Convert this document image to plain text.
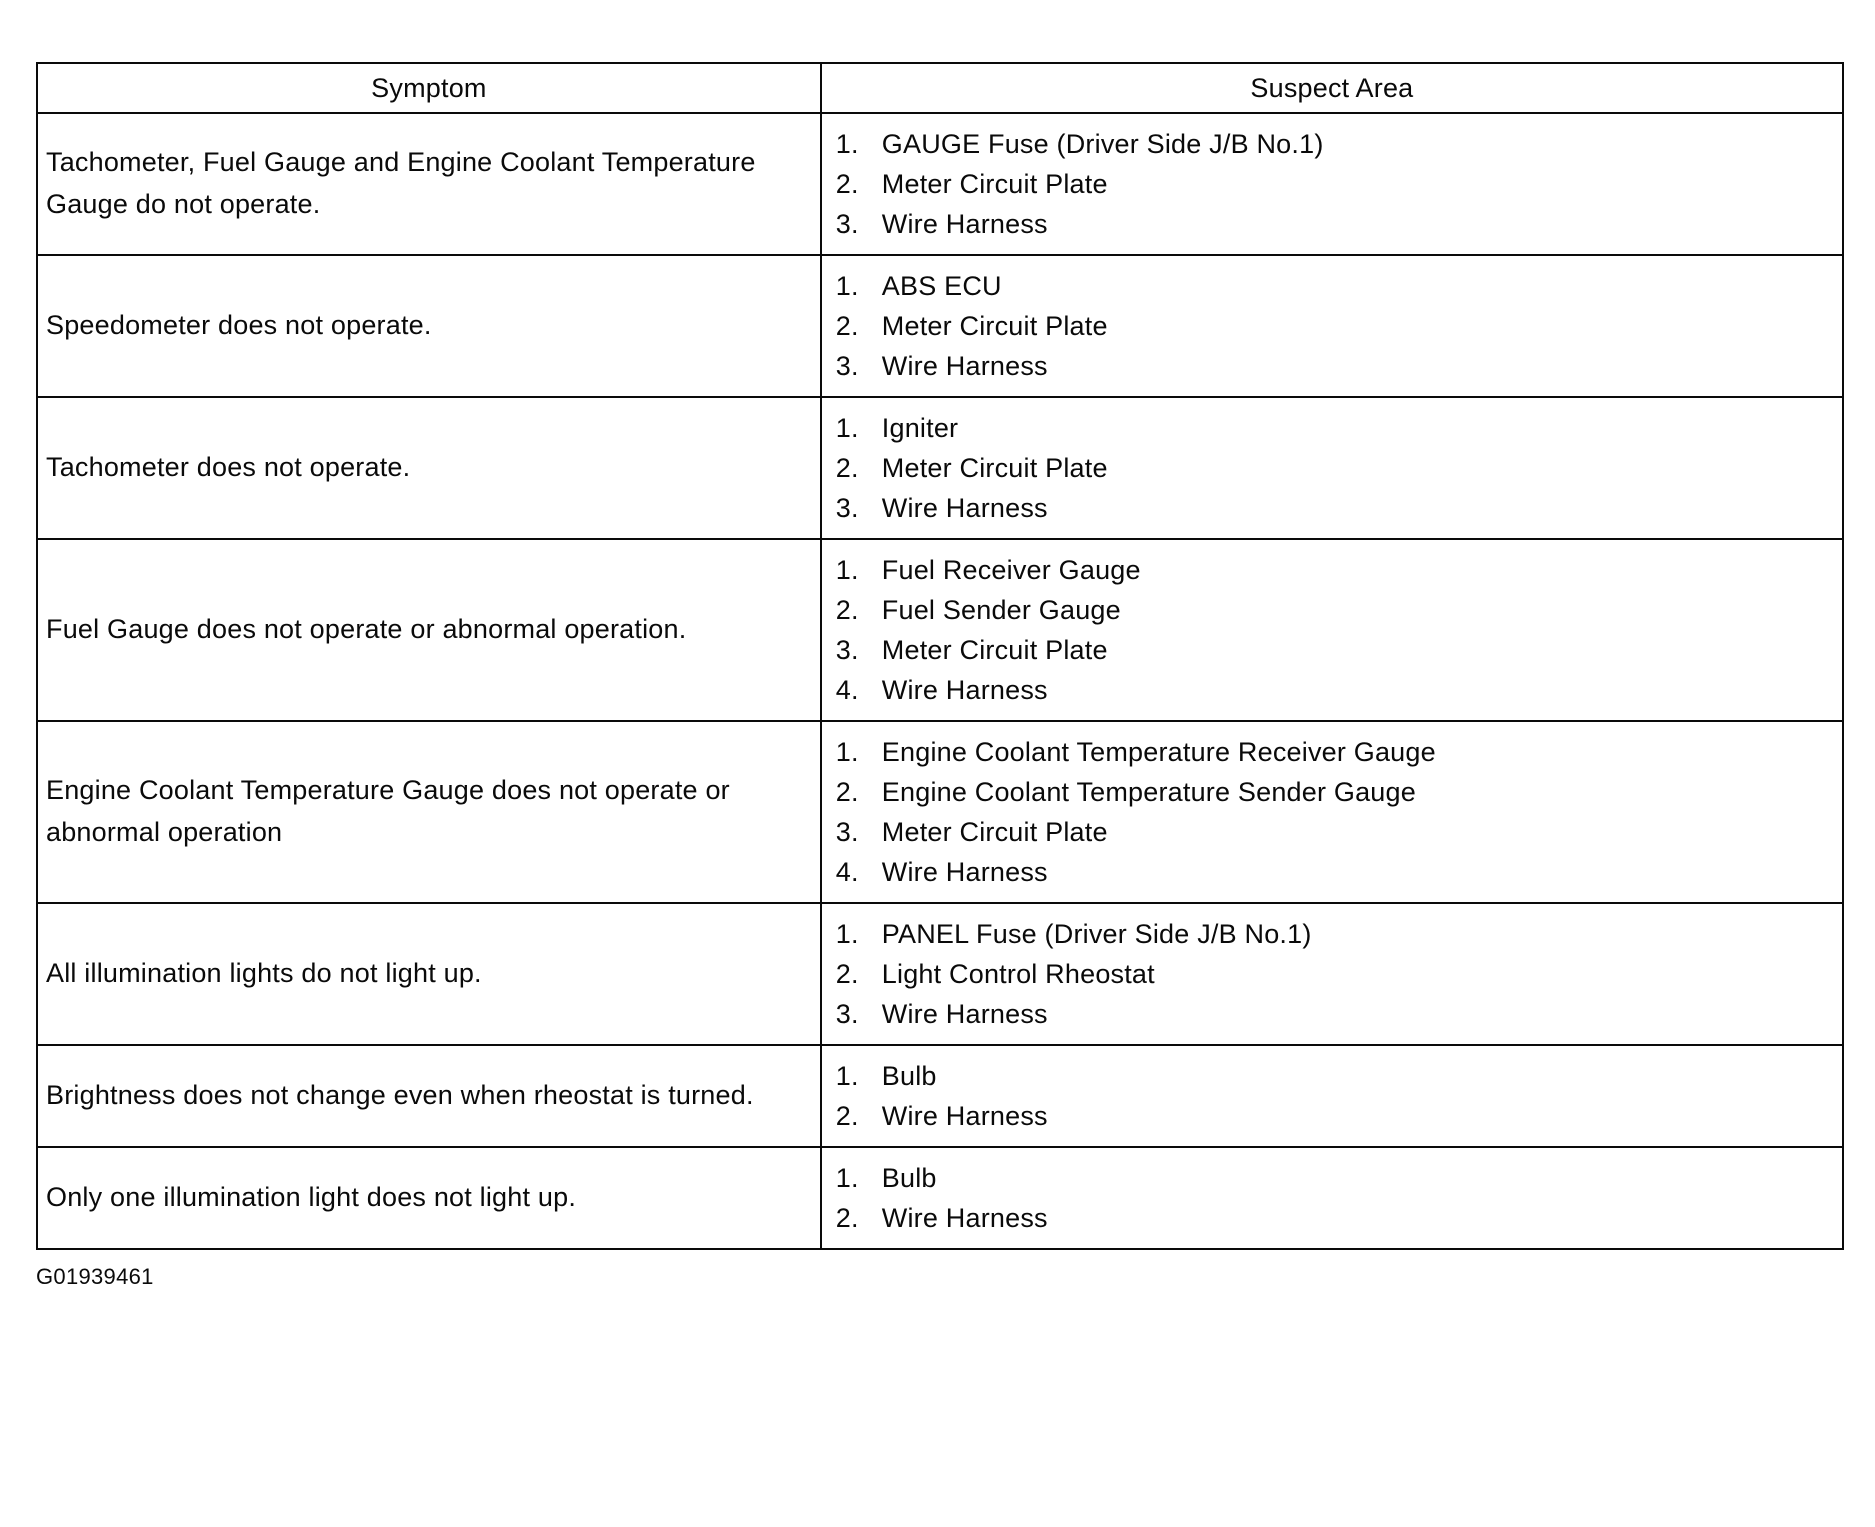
Symptom	Suspect Area
Tachometer, Fuel Gauge and Engine Coolant Temperature Gauge do not operate.	
1. GAUGE Fuse (Driver Side J/B No.1)
2. Meter Circuit Plate
3. Wire Harness

Speedometer does not operate.	
1. ABS ECU
2. Meter Circuit Plate
3. Wire Harness

Tachometer does not operate.	
1. Igniter
2. Meter Circuit Plate
3. Wire Harness

Fuel Gauge does not operate or abnormal operation.	
1. Fuel Receiver Gauge
2. Fuel Sender Gauge
3. Meter Circuit Plate
4. Wire Harness

Engine Coolant Temperature Gauge does not operate or abnormal operation	
1. Engine Coolant Temperature Receiver Gauge
2. Engine Coolant Temperature Sender Gauge
3. Meter Circuit Plate
4. Wire Harness

All illumination lights do not light up.	
1. PANEL Fuse (Driver Side J/B No.1)
2. Light Control Rheostat
3. Wire Harness

Brightness does not change even when rheostat is turned.	
1. Bulb
2. Wire Harness

Only one illumination light does not light up.	
1. Bulb
2. Wire Harness
G01939461
